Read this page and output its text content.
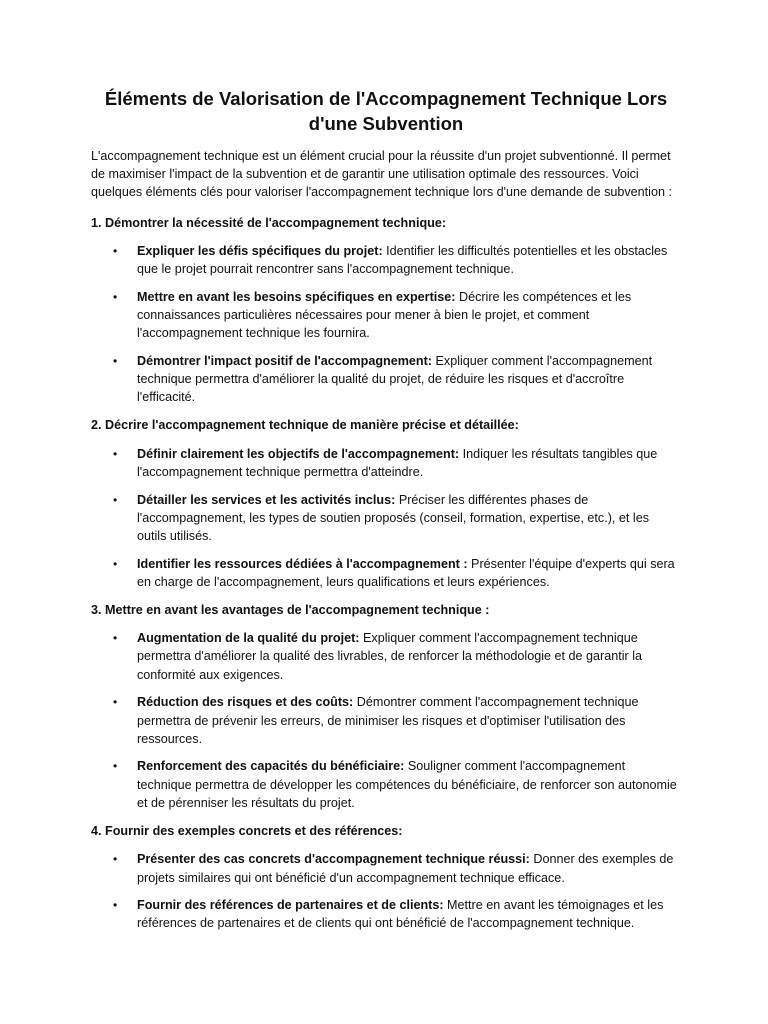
Éléments de Valorisation de l'Accompagnement Technique Lors d'une Subvention

L'accompagnement technique est un élément crucial pour la réussite d'un projet subventionné. Il permet de maximiser l'impact de la subvention et de garantir une utilisation optimale des ressources. Voici quelques éléments clés pour valoriser l'accompagnement technique lors d'une demande de subvention :

1. Démontrer la nécessité de l'accompagnement technique:

• Expliquer les défis spécifiques du projet: Identifier les difficultés potentielles et les obstacles que le projet pourrait rencontrer sans l'accompagnement technique.
• Mettre en avant les besoins spécifiques en expertise: Décrire les compétences et les connaissances particulières nécessaires pour mener à bien le projet, et comment l'accompagnement technique les fournira.
• Démontrer l'impact positif de l'accompagnement: Expliquer comment l'accompagnement technique permettra d'améliorer la qualité du projet, de réduire les risques et d'accroître l'efficacité.

2. Décrire l'accompagnement technique de manière précise et détaillée:

• Définir clairement les objectifs de l'accompagnement: Indiquer les résultats tangibles que l'accompagnement technique permettra d'atteindre.
• Détailler les services et les activités inclus: Préciser les différentes phases de l'accompagnement, les types de soutien proposés (conseil, formation, expertise, etc.), et les outils utilisés.
• Identifier les ressources dédiées à l'accompagnement : Présenter l'équipe d'experts qui sera en charge de l'accompagnement, leurs qualifications et leurs expériences.

3. Mettre en avant les avantages de l'accompagnement technique :

• Augmentation de la qualité du projet: Expliquer comment l'accompagnement technique permettra d'améliorer la qualité des livrables, de renforcer la méthodologie et de garantir la conformité aux exigences.
• Réduction des risques et des coûts: Démontrer comment l'accompagnement technique permettra de prévenir les erreurs, de minimiser les risques et d'optimiser l'utilisation des ressources.
• Renforcement des capacités du bénéficiaire: Souligner comment l'accompagnement technique permettra de développer les compétences du bénéficiaire, de renforcer son autonomie et de pérenniser les résultats du projet.

4. Fournir des exemples concrets et des références:

• Présenter des cas concrets d'accompagnement technique réussi: Donner des exemples de projets similaires qui ont bénéficié d'un accompagnement technique efficace.
• Fournir des références de partenaires et de clients: Mettre en avant les témoignages et les références de partenaires et de clients qui ont bénéficié de l'accompagnement technique.
